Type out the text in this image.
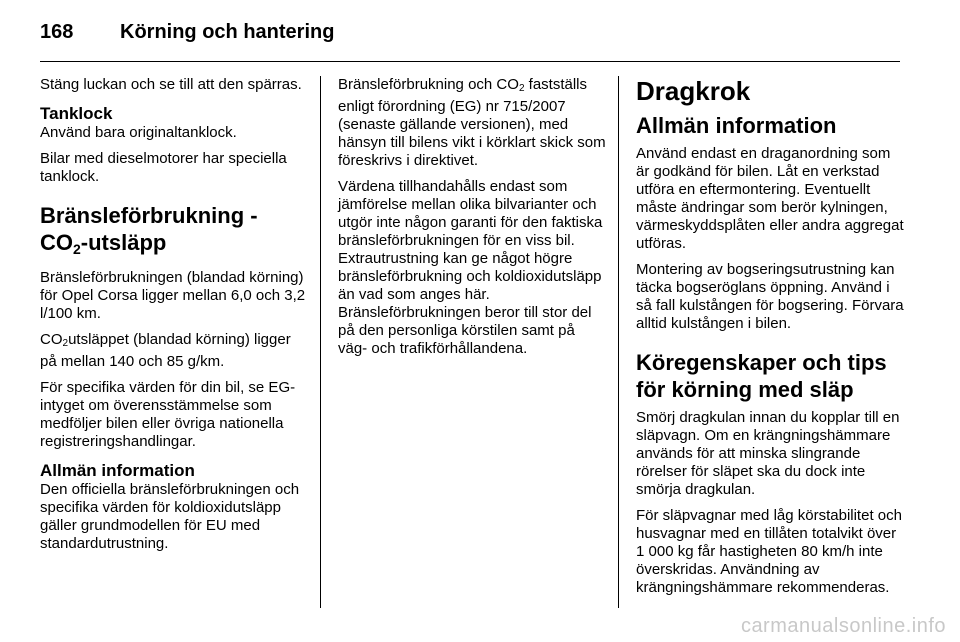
168 Körning och hantering

Stäng luckan och se till att den spärras.

Tanklock

Använd bara originaltanklock.

Bilar med dieselmotorer har speciella tanklock.

Bränsleförbrukning -
$CO_2$-utsläpp

Bränsleförbrukningen (blandad körning) för Opel Corsa ligger mellan 6,0 och 3,2 l/100 km.

$CO_2utsläppet$ (blandad körning) ligger på mellan 140 och 85 g/km.

För specifika värden för din bil, se EG-intyget om överensstämmelse som medföljer bilen eller övriga nationella registreringshandlingar.

Allmän information

Den officiella bränsleförbrukningen och specifika värden för koldioxidutsläpp gäller grundmodellen för EU med standardutrustning.

Bränsleförbrukning och $CO_2$ fastställs enligt förordning (EG) nr 715/2007 (senaste gällande versionen), med hänsyn till bilens vikt i körklart skick som föreskrivs i direktivet.

Värdena tillhandahålls endast som jämförelse mellan olika bilvarianter och utgör inte någon garanti för den faktiska bränsleförbrukningen för en viss bil. Extrautrustning kan ge något högre bränsleförbrukning och koldioxidutsläpp än vad som anges här. Bränsleförbrukningen beror till stor del på den personliga körstilen samt på väg- och trafikförhållandena.

Dragkrok
Allmän information

Använd endast en draganordning som är godkänd för bilen. Låt en verkstad utföra en eftermontering. Eventuellt måste ändringar som berör kylningen, värmeskyddsplåten eller andra aggregat utföras.

Montering av bogseringsutrustning kan täcka bogseröglans öppning. Använd i så fall kulstången för bogsering. Förvara alltid kulstången i bilen.

Köregenskaper och tips för körning med släp

Smörj dragkulan innan du kopplar till en släpvagn. Om en krängningshämmare används för att minska slingrande rörelser för släpet ska du dock inte smörja dragkulan.

För släpvagnar med låg körstabilitet och husvagnar med en tillåten totalvikt över 1 000 kg får hastigheten 80 km/h inte överskridas. Användning av krängningshämmare rekommenderas.

carmanualsonline.info
